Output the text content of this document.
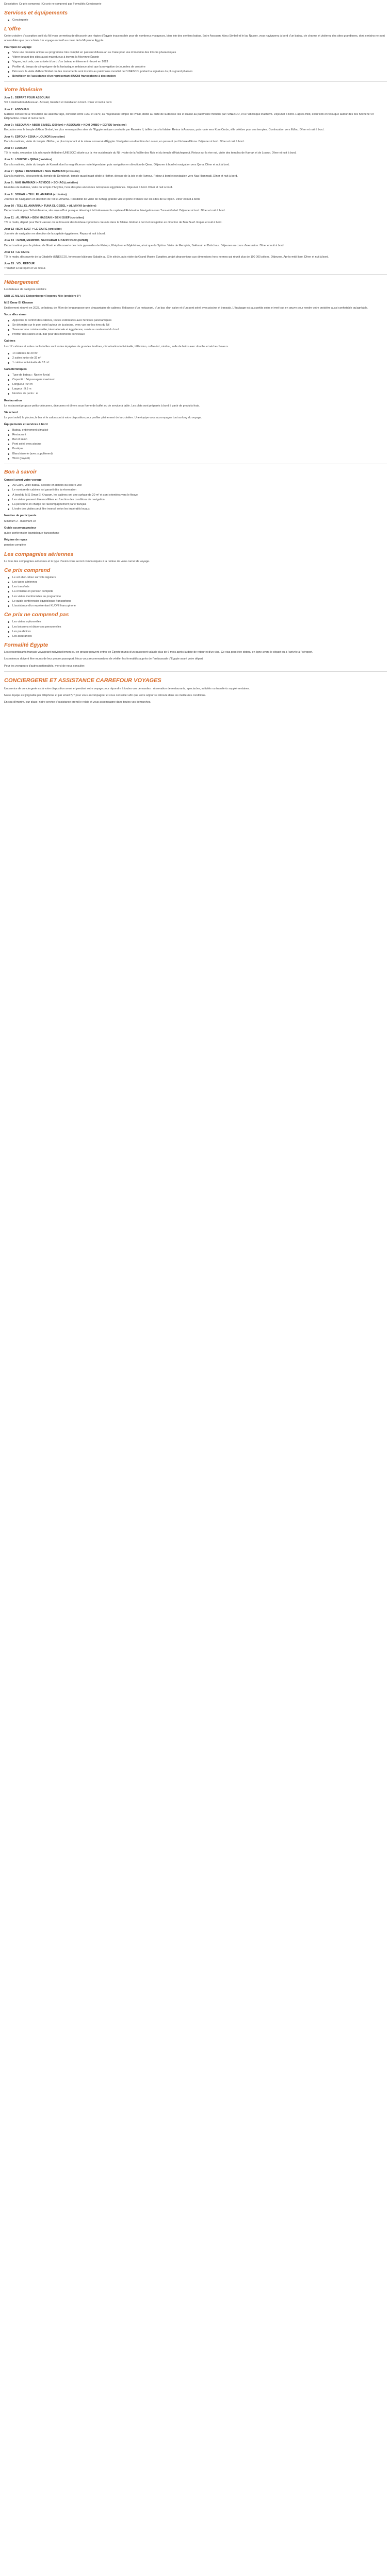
Description: Ce prix comprend | Ce prix ne comprend pas Formalités Conciergerie
Services et équipements
Conciergerie
L'offre

Cette croisière d'exception au fil du Nil vous permettra de découvrir une région d'Égypte inaccessible pour de nombreux voyageurs, bien loin des sentiers battus. Entre Assouan, Abou Simbel et le lac Nasser, vous naviguerez à bord d'un bateau de charme et visiterez des sites grandioses, dont certains ne sont accessibles que par ce biais. Un voyage exclusif au cœur de la Moyenne Égypte.

Pourquoi ce voyage
Vivre une croisière unique au programme très complet en passant d'Assouan au Caire pour une immersion des trésors pharaoniques
Vibrer devant des sites aussi majestueux à travers la Moyenne Égypte
Voguer, tout cela, une arrivée à bord d'un bateau entièrement rénové en 2023
Profiter du temps de s'imprégner de la fantastique ambiance ainsi que la navigation de journées de croisière
Découvrir la visite d'Abou Simbel où des monuments sont inscrits au patrimoine mondial de l'UNESCO, portant la signature du plus grand pharaon
Bénéficier de l'assistance d'un représentant KUONI francophone à destination
Votre itinéraire
Jour 1 : DÉPART POUR ASSOUAN
Vol à destination d'Assouan. Accueil, transfert et installation à bord. Dîner et nuit à bord.
Jour 2 : ASSOUAN
Matinée consacrée à l'incursion au Haut Barrage, construit entre 1960 et 1970, au majestueux temple de Philæ, dédié au culte de la déesse Isis et classé au patrimoine mondial par l'UNESCO, et à l'Obélisque inachevé. Déjeuner à bord. L'après-midi, excursion en felouque autour des îles Kitchener et Éléphantine. Dîner et nuit à bord.
Jour 3 : ASSOUAN > ABOU SIMBEL (360 km) > ASSOUAN > KOM OMBO > EDFOU (croisière)
Excursion vers le temple d'Abou Simbel, les plus remarquables sites de l'Égypte antique construits par Ramsès II, taillés dans la falaise. Retour à Assouan, puis route vers Kom Ombo, ville célèbre pour ses temples. Continuation vers Edfou. Dîner et nuit à bord.
Jour 4 : EDFOU > ESNA > LOUXOR (croisière)
Dans la matinée, visite du temple d'Edfou, le plus important et le mieux conservé d'Égypte. Navigation en direction de Louxor, en passant par l'écluse d'Esna. Déjeuner à bord. Dîner et nuit à bord.
Jour 5 : LOUXOR
Tôt le matin, excursion à la nécropole thébaine (UNESCO) située sur la rive occidentale du Nil : visite de la Vallée des Rois et du temple d'Hatchepsout. Retour sur la rive est, visite des temples de Karnak et de Louxor. Dîner et nuit à bord.
Jour 6 : LOUXOR > QENA (croisière)
Dans la matinée, visite du temple de Karnak dont la magnificence reste légendaire, puis navigation en direction de Qena. Déjeuner à bord et navigation vers Qena. Dîner et nuit à bord.
Jour 7 : QENA > DENDERAH > NAG HAMMADI (croisière)
Dans la matinée, découverte du temple de Denderah, temple quasi intact dédié à Hathor, déesse de la joie et de l'amour. Retour à bord et navigation vers Nag Hammadi. Dîner et nuit à bord.
Jour 8 : NAG HAMMADI > ABYDOS > SOHAG (croisière)
En milieu de matinée, visite du temple d'Abydos, l'une des plus anciennes nécropoles égyptiennes. Déjeuner à bord. Dîner et nuit à bord.
Jour 9 : SOHAG > TELL EL AMARNA (croisière)
Journée de navigation en direction de Tell el-Amarna. Possibilité de visite de Sohag, grande ville et porte d'entrée sur les sites de la région. Dîner et nuit à bord.
Jour 10 : TELL EL AMARNA > TUNA EL GEBEL > AL MINYA (croisière)
Départ matinal pour Tell el-Amarna, site aujourd'hui presque désert qui fut brièvement la capitale d'Akhénaton. Navigation vers Tuna el-Gebel. Déjeuner à bord. Dîner et nuit à bord.
Jour 11 : AL MINYA > BENI HASSAN > BENI SUEF (croisière)
Tôt le matin, départ pour Beni Hassan où se trouvent des tombeaux princiers creusés dans la falaise. Retour à bord et navigation en direction de Beni Suef. Repas et nuit à bord.
Jour 12 : BENI SUEF > LE CAIRE (croisière)
Journée de navigation en direction de la capitale égyptienne. Repas et nuit à bord.
Jour 13 : GIZEH, MEMPHIS, SAKKARAH & DAHCHOUR (GIZEH)
Départ matinal pour le plateau de Gizeh et découverte des trois pyramides de Khéops, Khéphren et Mykérinos, ainsi que du Sphinx. Visite de Memphis, Sakkarah et Dahchour. Déjeuner en cours d'excursion. Dîner et nuit à bord.
Jour 14 : LE CAIRE
Tôt le matin, découverte de la Citadelle (UNESCO), forteresse bâtie par Saladin au XIIe siècle, puis visite du Grand Musée Égyptien, projet pharaonique aux dimensions hors normes qui réunit plus de 100 000 pièces. Déjeuner. Après-midi libre. Dîner et nuit à bord.
Jour 15 : VOL RETOUR
Transfert à l'aéroport et vol retour.
Hébergement

Les bateaux de catégorie similaire

SUR LE NIL M.S Steigenberger Regency Nile (croisière 5*)

M.S Omar El Khayam

Entièrement rénové en 2023, ce bateau de 76 m de long propose une cinquantaine de cabines. Il dispose d'un restaurant, d'un bar, d'un salon et d'un pont soleil avec piscine et transats. L'équipage est aux petits soins et met tout en œuvre pour rendre votre croisière aussi confortable qu'agréable.

Vous allez aimer
Apprécier le confort des cabines, toutes extérieures avec fenêtres panoramiques
Se détendre sur le pont soleil autour de la piscine, avec vue sur les rives du Nil
Savourer une cuisine variée, internationale et égyptienne, servie au restaurant du bord
Profiter des salons et du bar pour des moments conviviaux
Cabines

Les 17 cabines et suites confortables sont toutes équipées de grandes fenêtres, climatisation individuelle, télévision, coffre-fort, minibar, salle de bains avec douche et sèche-cheveux.

14 cabines de 20 m²
2 suites junior de 32 m²
1 cabine individuelle de 13 m²
Caractéristiques
Type de bateau : Navire fluvial
Capacité : 34 passagers maximum
Longueur : 54 m
Largeur : 9.5 m
Nombre de ponts : 4
Restauration

Le restaurant propose petits-déjeuners, déjeuners et dîners sous forme de buffet ou de service à table. Les plats sont préparés à bord à partir de produits frais.

Vie à bord

Le pont soleil, la piscine, le bar et le salon sont à votre disposition pour profiter pleinement de la croisière. Une équipe vous accompagne tout au long du voyage.

Équipements et services à bord
Bateau entièrement climatisé
Restaurant
Bar et salon
Pont soleil avec piscine
Boutique
Blanchisserie (avec supplément)
Wi-Fi (payant)
Bon à savoir
Conseil avant votre voyage
Au Caire, votre bateau accoste en dehors du centre-ville
Le nombre de cabines est garanti dès la réservation
À bord du M.S Omar El Khayam, les cabines ont une surface de 20 m² et sont orientées vers le fleuve
Les visites peuvent être modifiées en fonction des conditions de navigation
La personne en charge de l'accompagnement parle français
L'ordre des visites peut être inversé selon les impératifs locaux
Nombre de participants

Minimum 2 - maximum 34

Guide accompagnateur

guide conférencier égyptologue francophone

Régime de repas

pension complète

Les compagnies aériennes

La liste des compagnies aériennes et le type d'avion vous seront communiqués à la remise de votre carnet de voyage.

Ce prix comprend
Le vol aller-retour sur vols réguliers
Les taxes aériennes
Les transferts
La croisière en pension complète
Les visites mentionnées au programme
Le guide conférencier égyptologue francophone
L'assistance d'un représentant KUONI francophone
Ce prix ne comprend pas
Les visites optionnelles
Les boissons et dépenses personnelles
Les pourboires
Les assurances
Formalité Égypte

Les ressortissants français voyageant individuellement ou en groupe peuvent entrer en Égypte munis d'un passeport valable plus de 6 mois après la date de retour et d'un visa. Ce visa peut être obtenu en ligne avant le départ ou à l'arrivée à l'aéroport.

Les mineurs doivent être munis de leur propre passeport. Nous vous recommandons de vérifier les formalités auprès de l'ambassade d'Égypte avant votre départ.

Pour les voyageurs d'autres nationalités, merci de nous consulter.

CONCIERGERIE ET ASSISTANCE CARREFOUR VOYAGES

Un service de conciergerie est à votre disposition avant et pendant votre voyage pour répondre à toutes vos demandes : réservation de restaurants, spectacles, activités ou transferts supplémentaires.

Notre équipe est joignable par téléphone et par email 7j/7 pour vous accompagner et vous conseiller afin que votre séjour se déroule dans les meilleures conditions.

En cas d'imprévu sur place, notre service d'assistance prend le relais et vous accompagne dans toutes vos démarches.
